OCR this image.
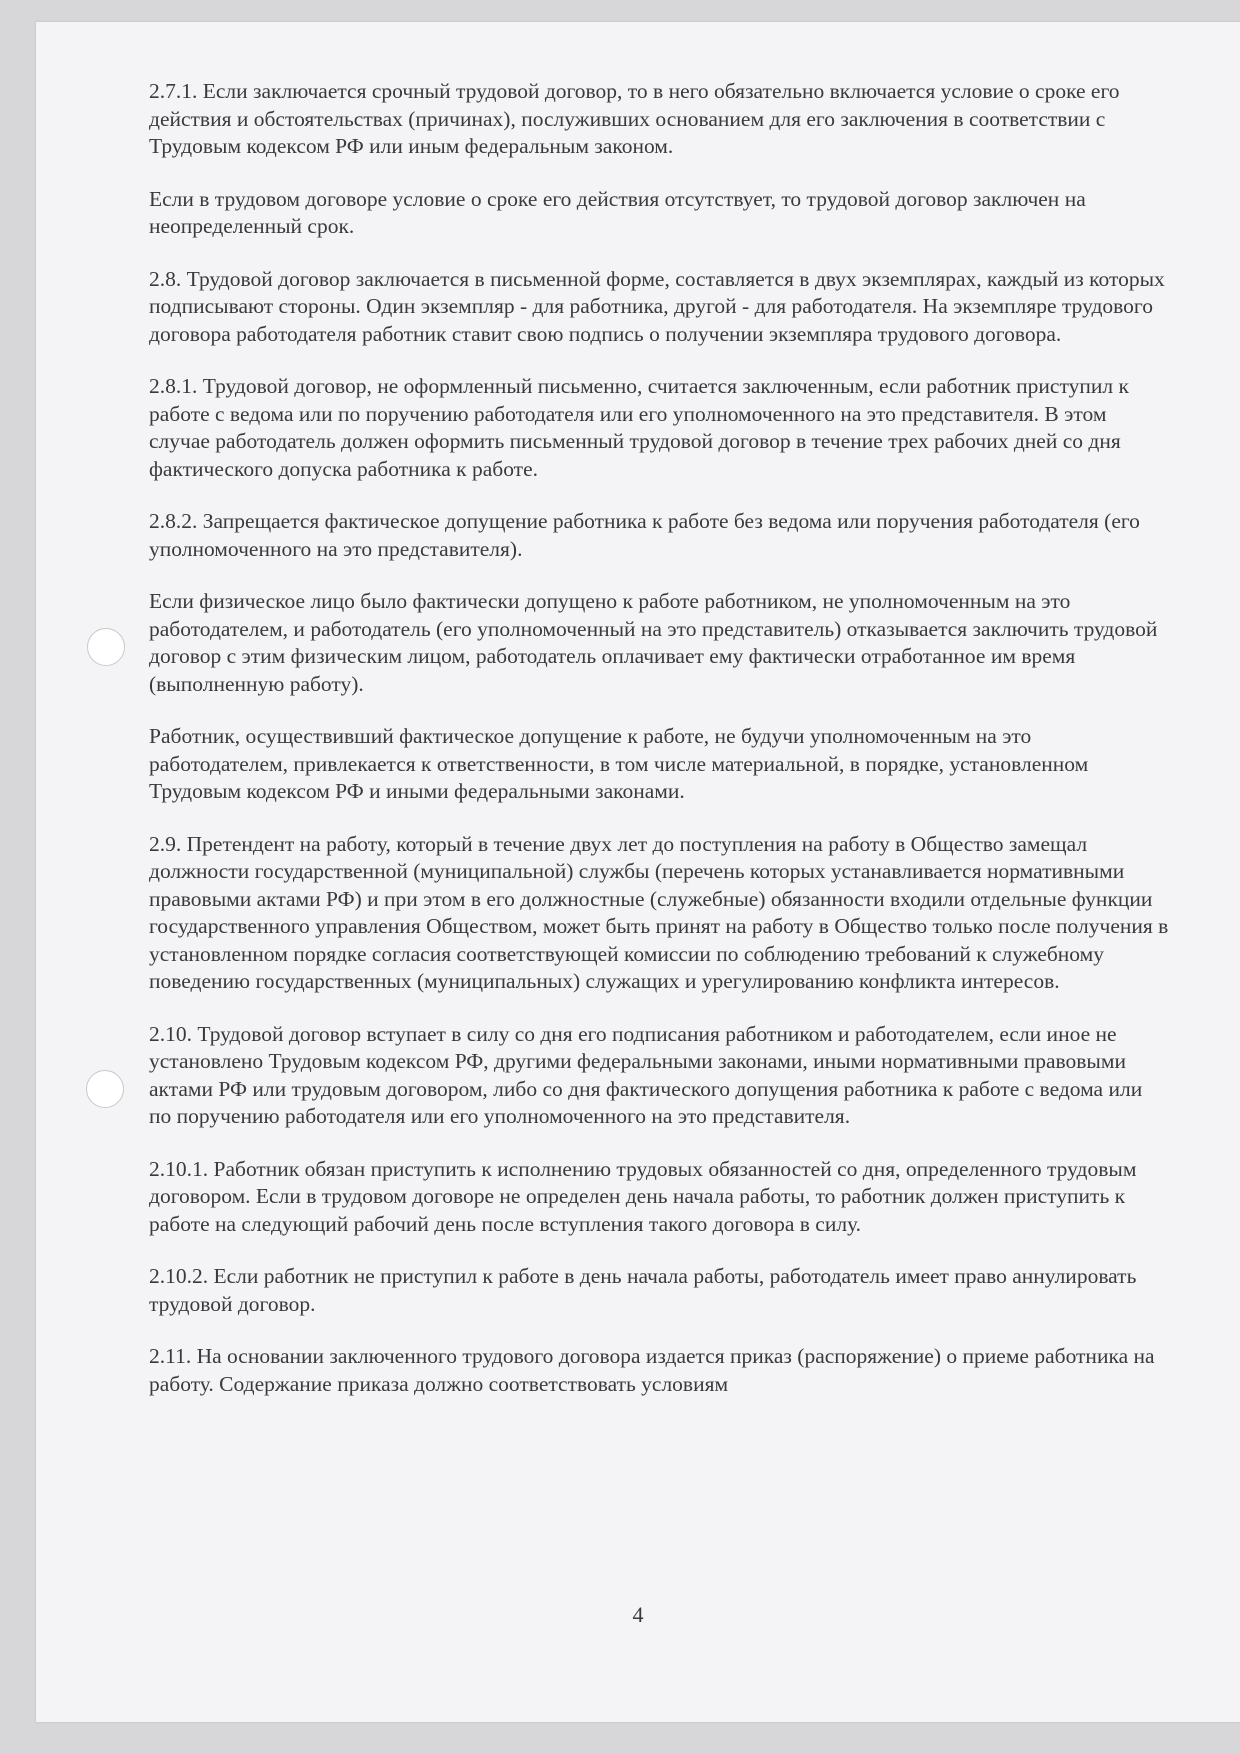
2.7.1. Если заключается срочный трудовой договор, то в него обязательно включается условие о сроке его действия и обстоятельствах (причинах), послуживших основанием для его заключения в соответствии с Трудовым кодексом РФ или иным федеральным законом.

Если в трудовом договоре условие о сроке его действия отсутствует, то трудовой договор заключен на неопределенный срок.

2.8. Трудовой договор заключается в письменной форме, составляется в двух экземплярах, каждый из которых подписывают стороны. Один экземпляр - для работника, другой - для работодателя. На экземпляре трудового договора работодателя работник ставит свою подпись о получении экземпляра трудового договора.

2.8.1. Трудовой договор, не оформленный письменно, считается заключенным, если работник приступил к работе с ведома или по поручению работодателя или его уполномоченного на это представителя. В этом случае работодатель должен оформить письменный трудовой договор в течение трех рабочих дней со дня фактического допуска работника к работе.

2.8.2. Запрещается фактическое допущение работника к работе без ведома или поручения работодателя (его уполномоченного на это представителя).

Если физическое лицо было фактически допущено к работе работником, не уполномоченным на это работодателем, и работодатель (его уполномоченный на это представитель) отказывается заключить трудовой договор с этим физическим лицом, работодатель оплачивает ему фактически отработанное им время (выполненную работу).

Работник, осуществивший фактическое допущение к работе, не будучи уполномоченным на это работодателем, привлекается к ответственности, в том числе материальной, в порядке, установленном Трудовым кодексом РФ и иными федеральными законами.

2.9. Претендент на работу, который в течение двух лет до поступления на работу в Общество замещал должности государственной (муниципальной) службы (перечень которых устанавливается нормативными правовыми актами РФ) и при этом в его должностные (служебные) обязанности входили отдельные функции государственного управления Обществом, может быть принят на работу в Общество только после получения в установленном порядке согласия соответствующей комиссии по соблюдению требований к служебному поведению государственных (муниципальных) служащих и урегулированию конфликта интересов.

2.10. Трудовой договор вступает в силу со дня его подписания работником и работодателем, если иное не установлено Трудовым кодексом РФ, другими федеральными законами, иными нормативными правовыми актами РФ или трудовым договором, либо со дня фактического допущения работника к работе с ведома или по поручению работодателя или его уполномоченного на это представителя.

2.10.1. Работник обязан приступить к исполнению трудовых обязанностей со дня, определенного трудовым договором. Если в трудовом договоре не определен день начала работы, то работник должен приступить к работе на следующий рабочий день после вступления такого договора в силу.

2.10.2. Если работник не приступил к работе в день начала работы, работодатель имеет право аннулировать трудовой договор.

2.11. На основании заключенного трудового договора издается приказ (распоряжение) о приеме работника на работу. Содержание приказа должно соответствовать условиям

4
